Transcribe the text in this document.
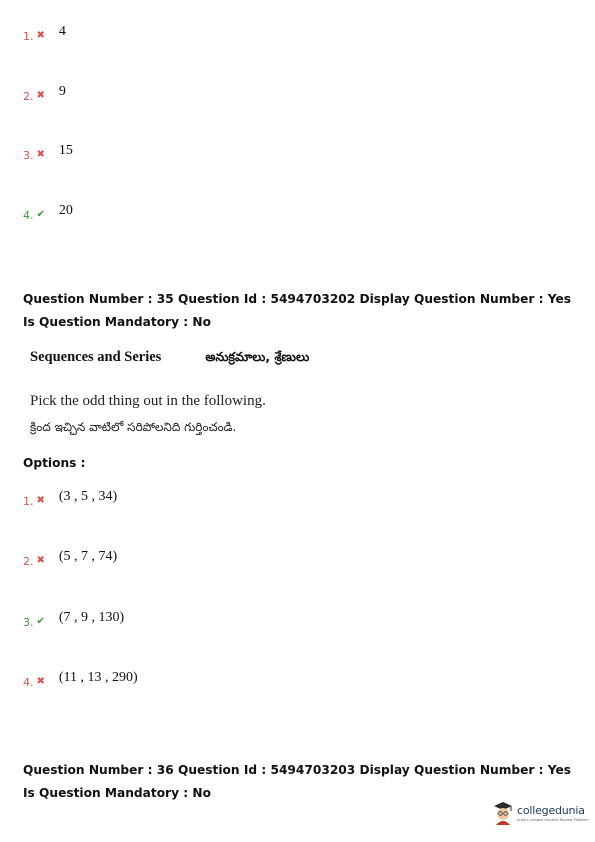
1. ✖ 4
2. ✖ 9
3. ✖ 15
4. ✔ 20
Question Number : 35 Question Id : 5494703202 Display Question Number : Yes Is Question Mandatory : No
Sequences and Series	అనుక్రమాలు, శ్రేణులు
Pick the odd thing out in the following.
క్రింద ఇచ్చిన వాటిలో సరిపోలనిది గుర్తించండి.
Options :
1. ✖ (3 , 5 , 34)
2. ✖ (5 , 7 , 74)
3. ✔ (7 , 9 , 130)
4. ✖ (11 , 13 , 290)
Question Number : 36 Question Id : 5494703203 Display Question Number : Yes Is Question Mandatory : No
collegedunia
India's Largest Student Review Platform
